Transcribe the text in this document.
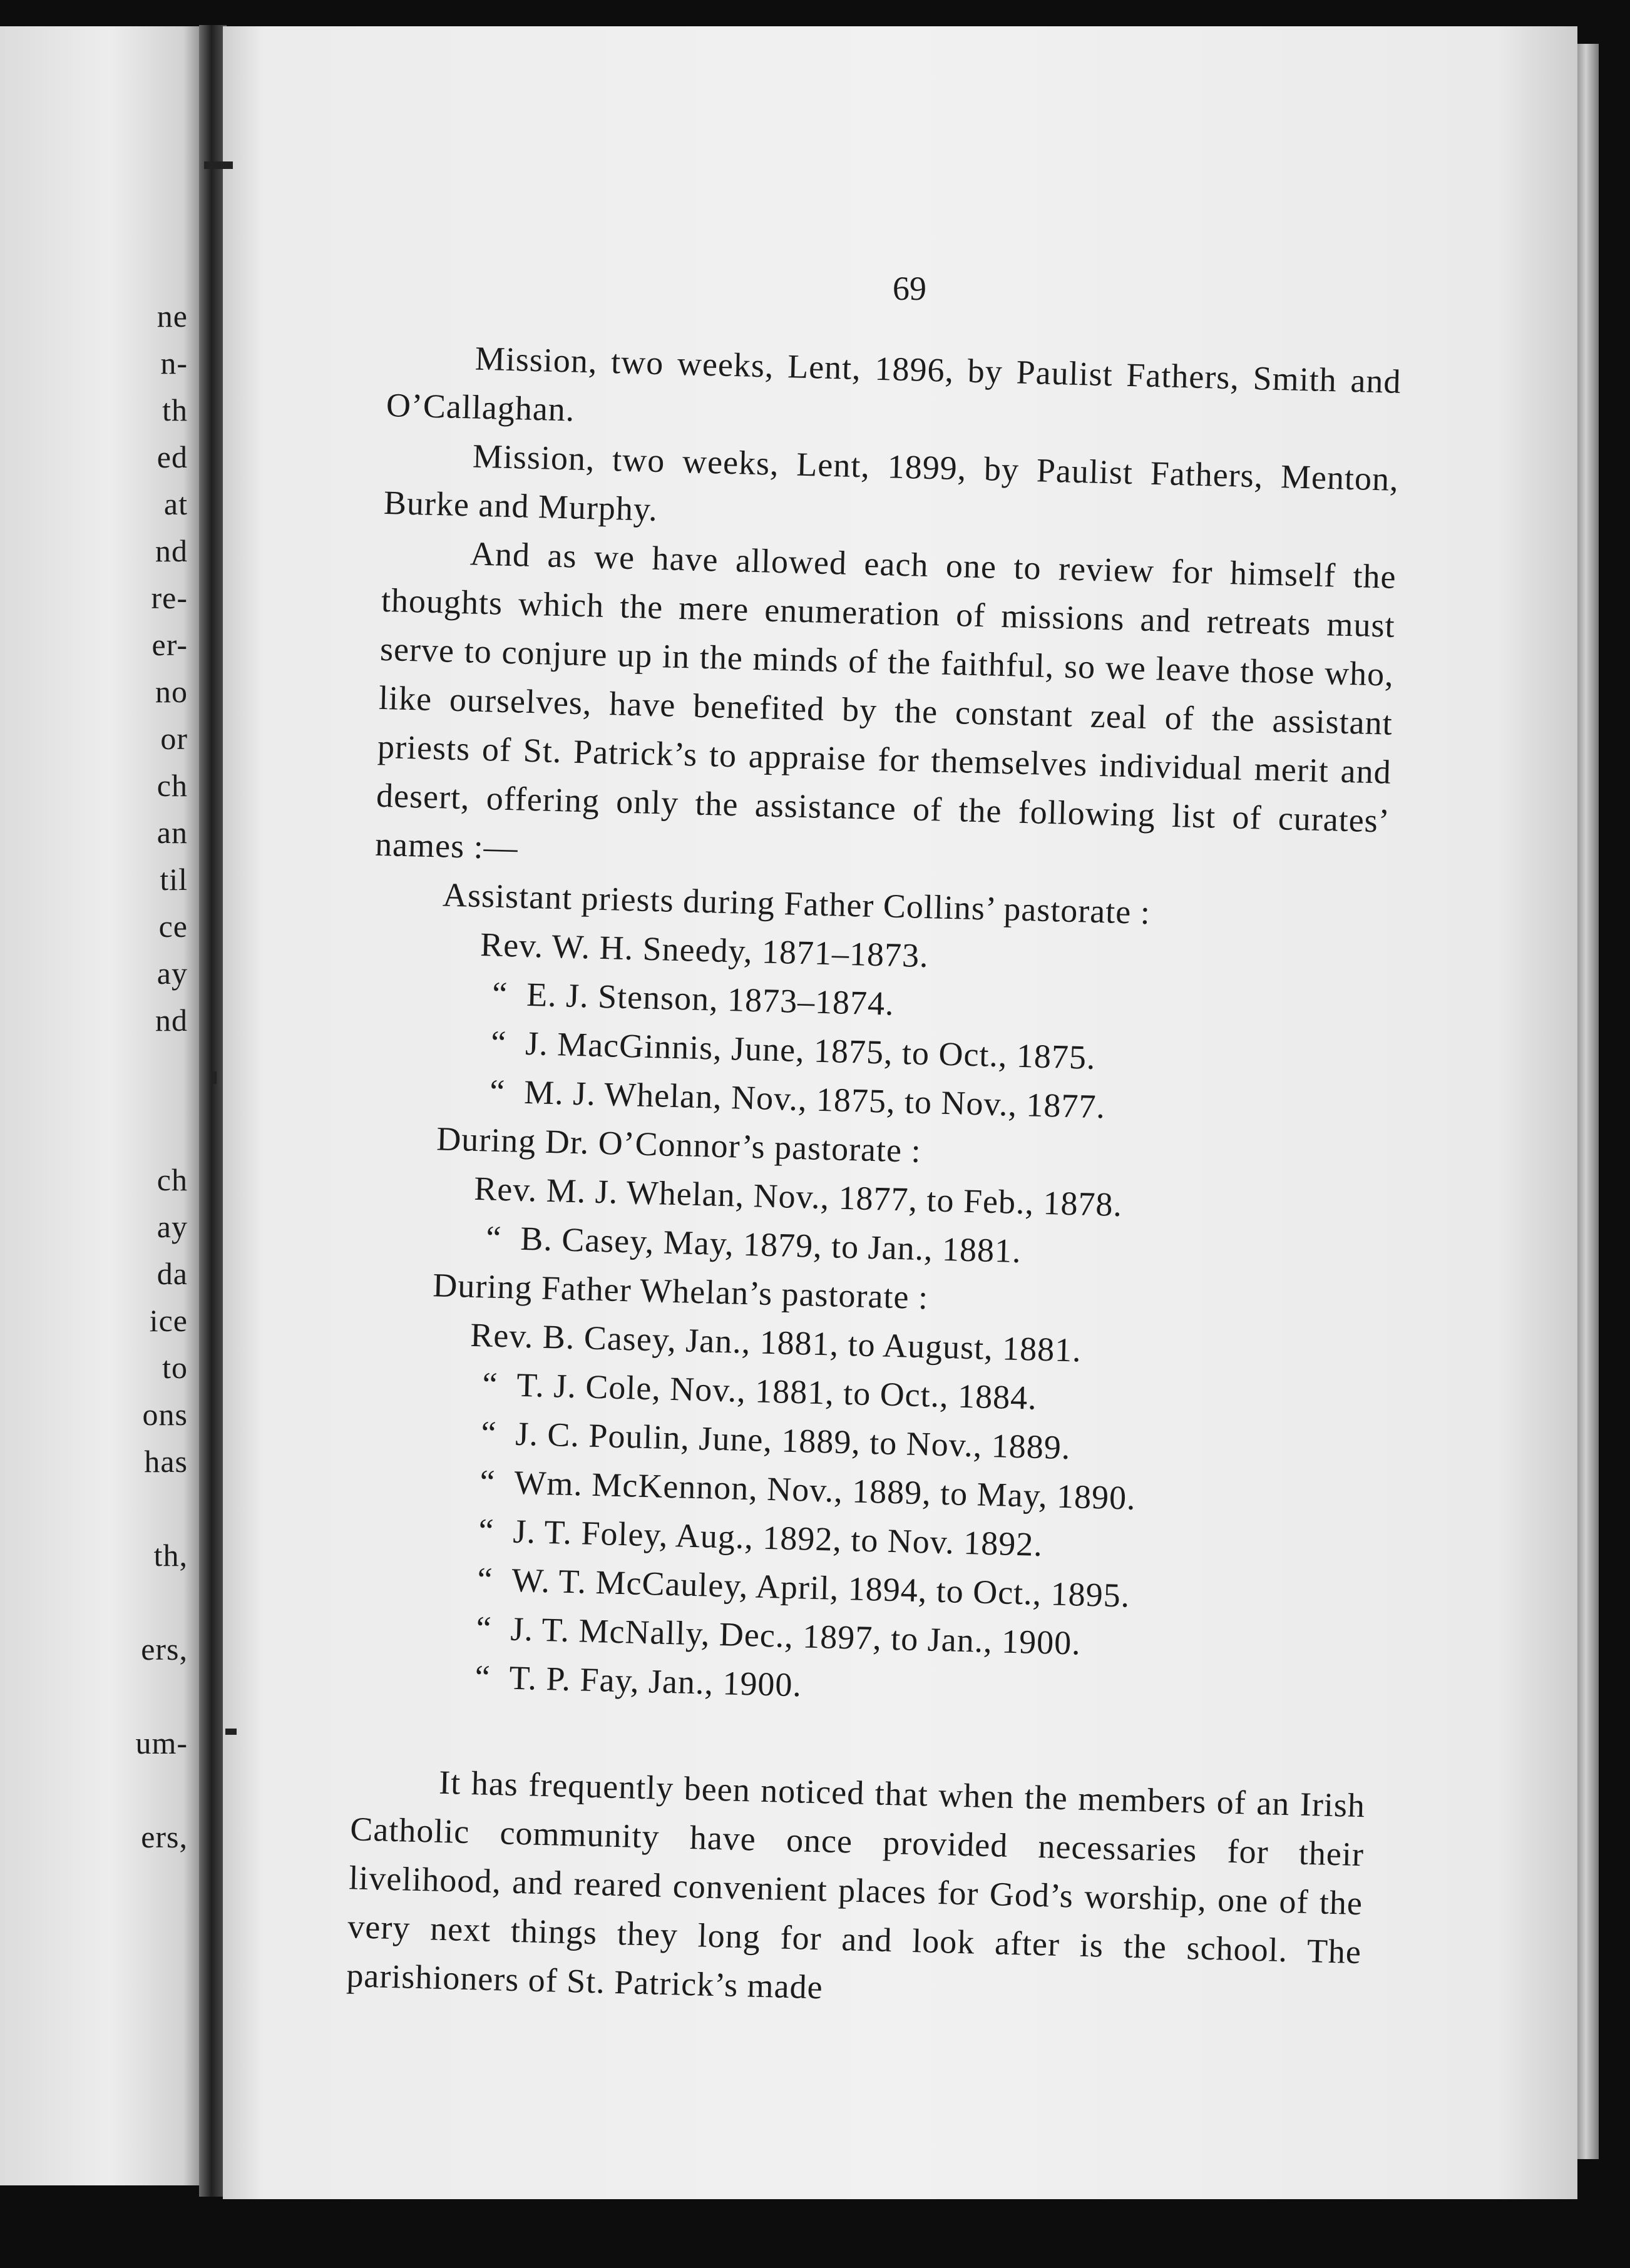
ne

n-

th

ed

at

nd

re-

er-

no

or

ch

an

til

ce

ay

nd

ch

ay

da

ice

to

ons

has

th,

ers,

um-

ers,

69

Mission, two weeks, Lent, 1896, by Paulist Fathers, Smith and O’Callaghan.

Mission, two weeks, Lent, 1899, by Paulist Fathers, Menton, Burke and Murphy.

And as we have allowed each one to review for himself the thoughts which the mere enumeration of missions and retreats must serve to conjure up in the minds of the faithful, so we leave those who, like ourselves, have benefited by the constant zeal of the assistant priests of St. Patrick’s to appraise for themselves individual merit and desert, offering only the assistance of the following list of curates’ names :—

Assistant priests during Father Collins’ pastorate :

Rev. W. H. Sneedy, 1871–1873.

“ E. J. Stenson, 1873–1874.

“ J. MacGinnis, June, 1875, to Oct., 1875.

“ M. J. Whelan, Nov., 1875, to Nov., 1877.

During Dr. O’Connor’s pastorate :

Rev. M. J. Whelan, Nov., 1877, to Feb., 1878.

“ B. Casey, May, 1879, to Jan., 1881.

During Father Whelan’s pastorate :

Rev. B. Casey, Jan., 1881, to August, 1881.

“ T. J. Cole, Nov., 1881, to Oct., 1884.

“ J. C. Poulin, June, 1889, to Nov., 1889.

“ Wm. McKennon, Nov., 1889, to May, 1890.

“ J. T. Foley, Aug., 1892, to Nov. 1892.

“ W. T. McCauley, April, 1894, to Oct., 1895.

“ J. T. McNally, Dec., 1897, to Jan., 1900.

“ T. P. Fay, Jan., 1900.

It has frequently been noticed that when the members of an Irish Catholic community have once provided necessaries for their livelihood, and reared convenient places for God’s worship, one of the very next things they long for and look after is the school. The parishioners of St. Patrick’s made
